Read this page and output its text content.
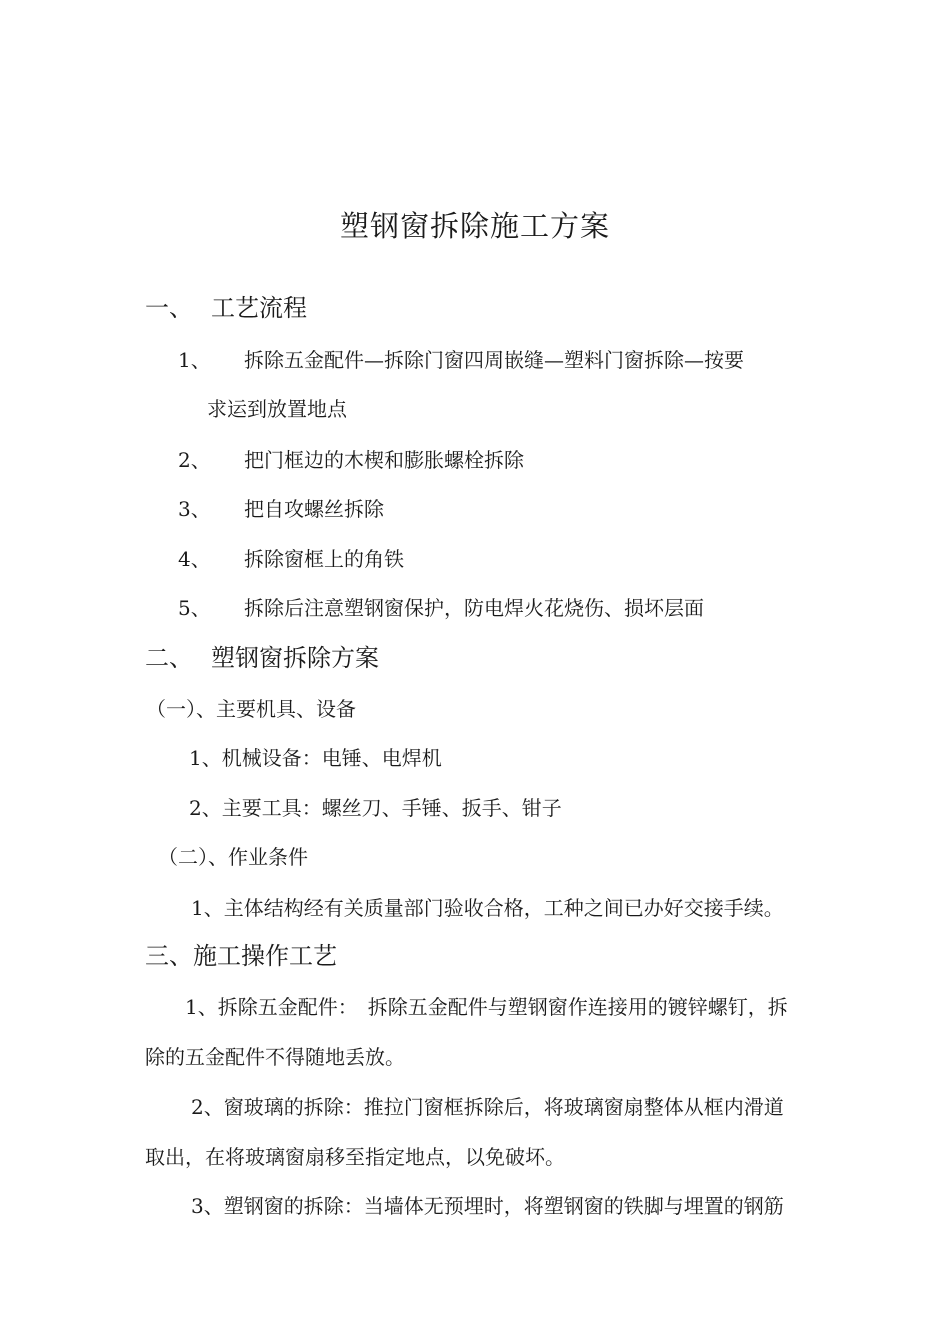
塑钢窗拆除施工方案
一、 工艺流程
1、 拆除五金配件—拆除门窗四周嵌缝—塑料门窗拆除—按要
求运到放置地点
2、 把门框边的木楔和膨胀螺栓拆除
3、 把自攻螺丝拆除
4、 拆除窗框上的角铁
5、 拆除后注意塑钢窗保护，防电焊火花烧伤、损坏层面
二、 塑钢窗拆除方案
（一）、主要机具、设备
1、机械设备：电锤、电焊机
2、主要工具：螺丝刀、手锤、扳手、钳子
（二）、作业条件
1、主体结构经有关质量部门验收合格，工种之间已办好交接手续。
三、施工操作工艺
1、拆除五金配件：　拆除五金配件与塑钢窗作连接用的镀锌螺钉，拆
除的五金配件不得随地丢放。
2、窗玻璃的拆除：推拉门窗框拆除后，将玻璃窗扇整体从框内滑道
取出，在将玻璃窗扇移至指定地点，以免破坏。
3、塑钢窗的拆除：当墙体无预埋时，将塑钢窗的铁脚与埋置的钢筋
